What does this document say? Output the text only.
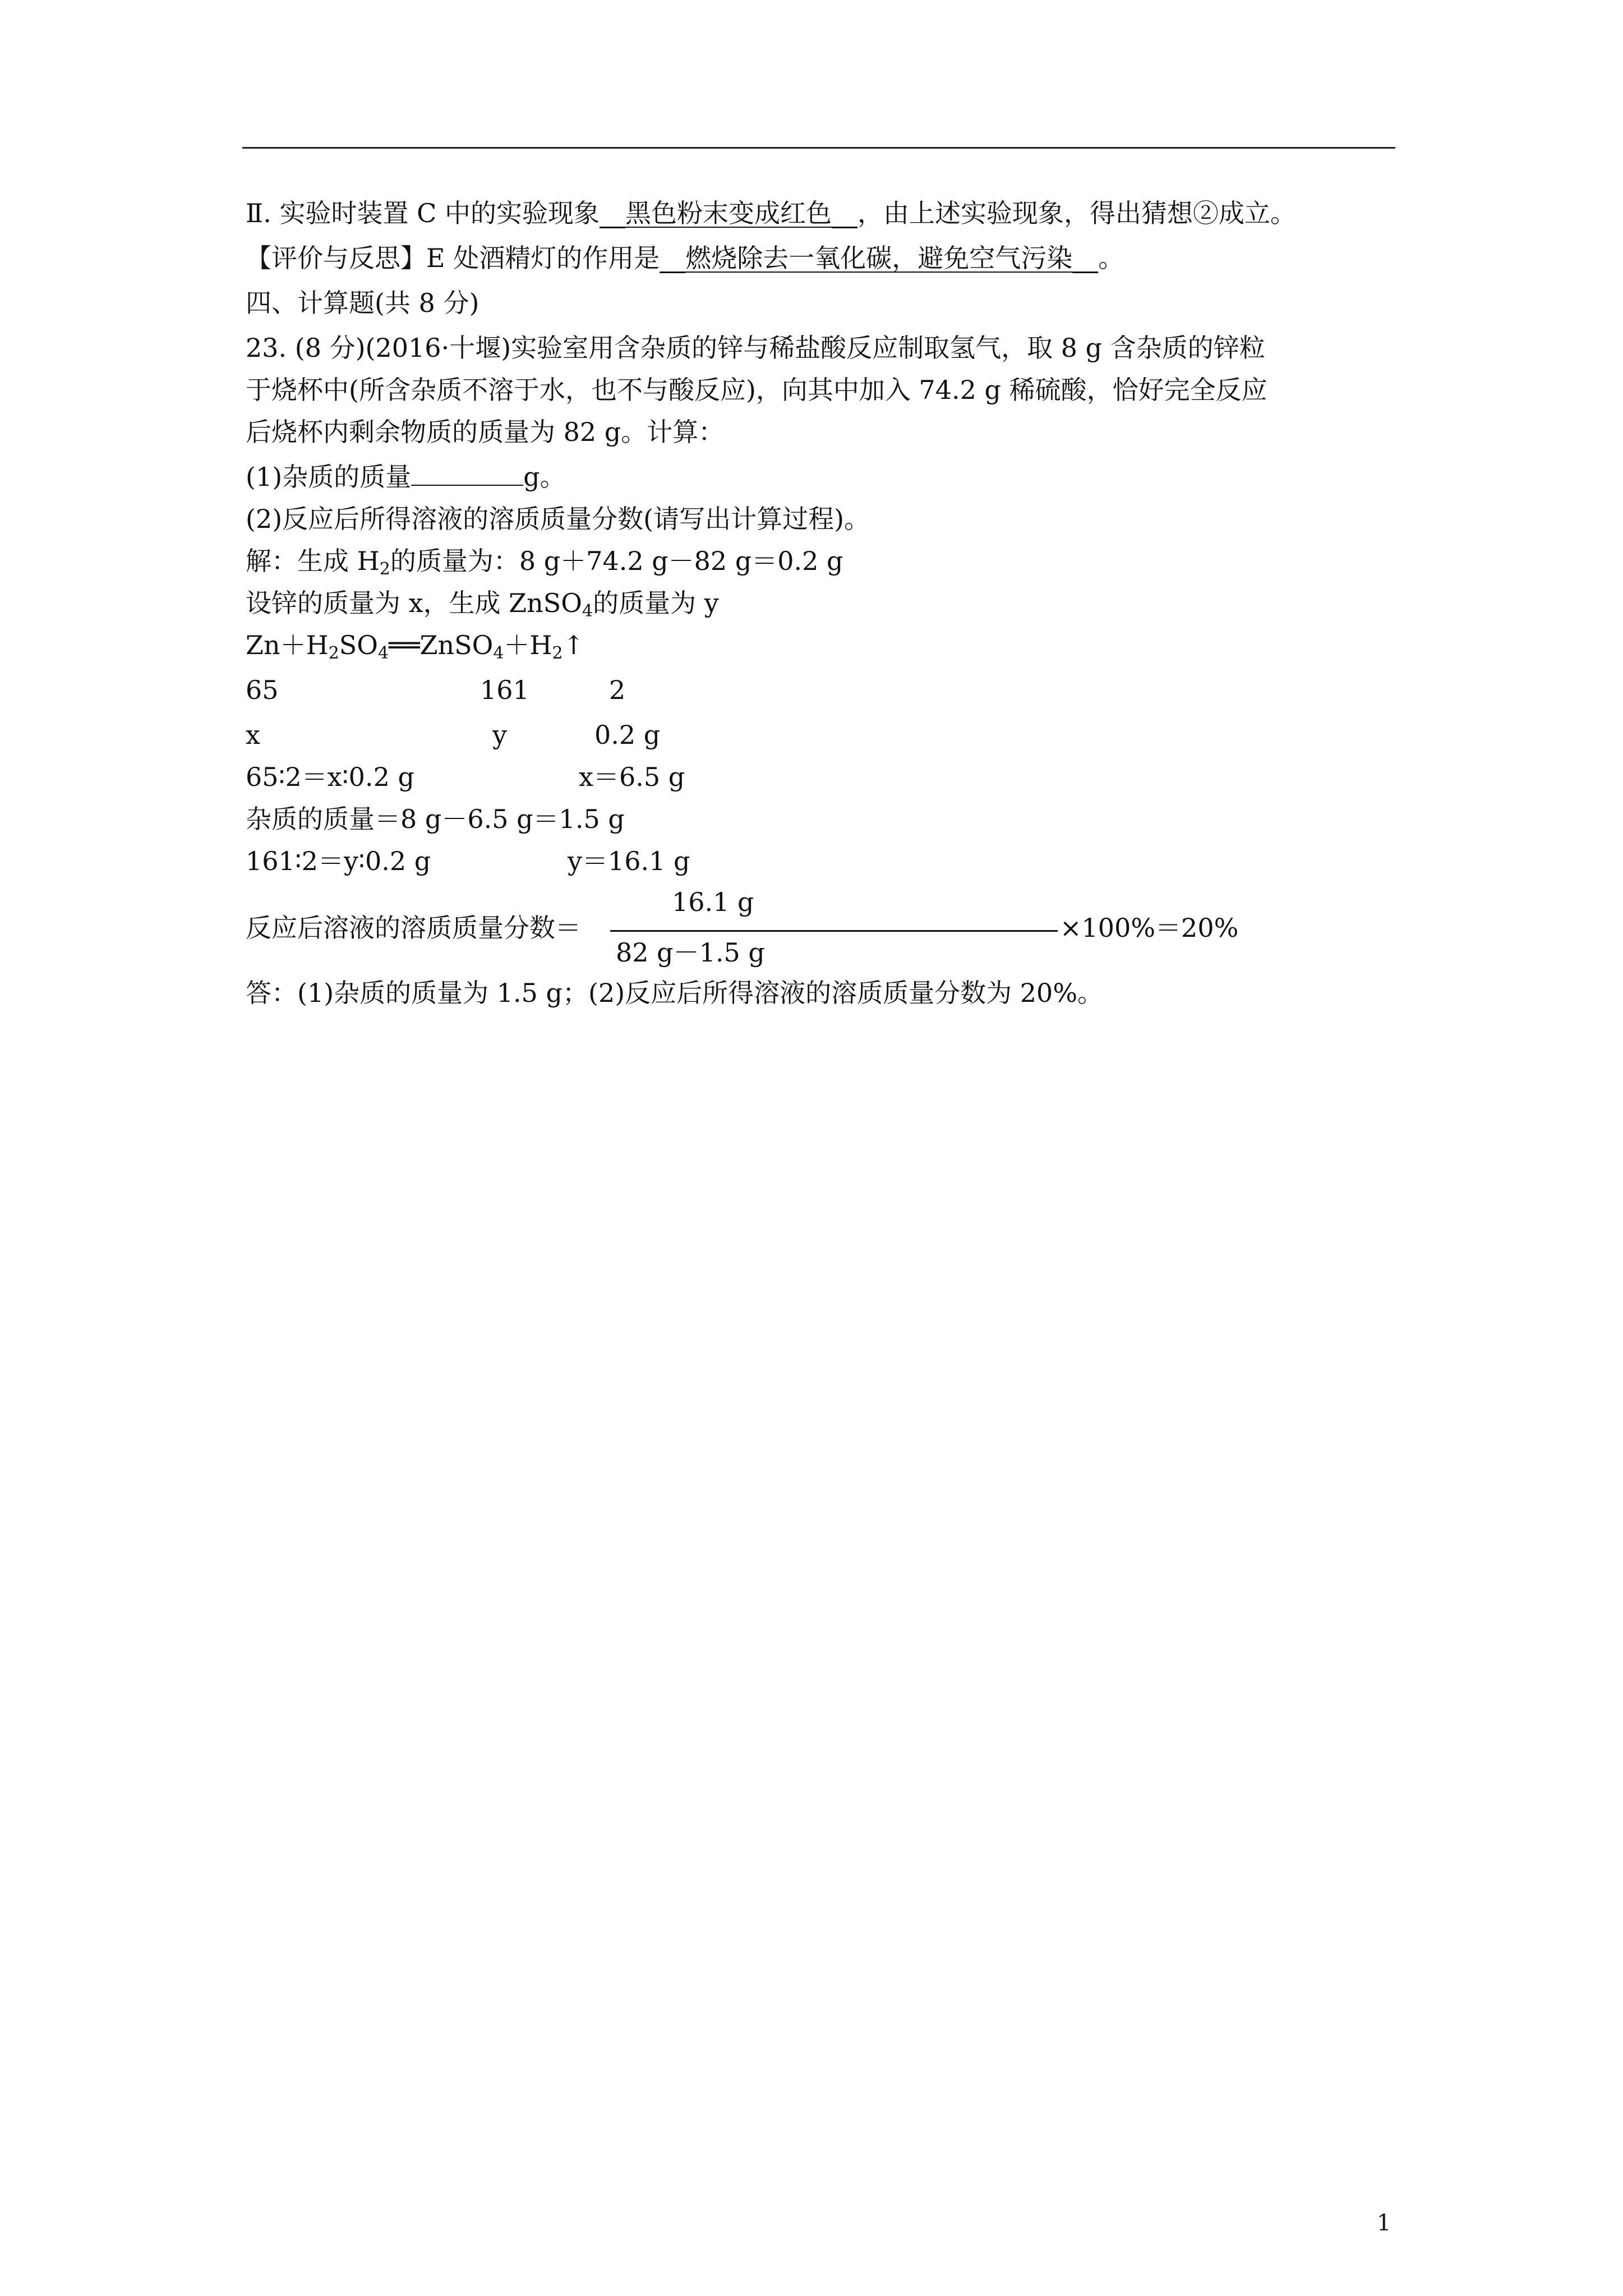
Ⅱ. 实验时装置 C 中的实验现象__黑色粉末变成红色__，由上述实验现象，得出猜想②成立。
【评价与反思】E 处酒精灯的作用是__燃烧除去一氧化碳，避免空气污染__。
四、计算题(共 8 分)
23. (8 分)(2016·十堰)实验室用含杂质的锌与稀盐酸反应制取氢气，取 8 g 含杂质的锌粒
于烧杯中(所含杂质不溶于水，也不与酸反应)，向其中加入 74.2 g 稀硫酸，恰好完全反应
后烧杯内剩余物质的质量为 82 g。计算：
(1)杂质的质量	g。
(2)反应后所得溶液的溶质质量分数(请写出计算过程)。
解：生成 $H_2$的质量为：8 g＋74.2 g－82 g＝0.2 g
设锌的质量为 x，生成 ZnSO$_4$的质量为 y
$Zn+H_2SO_4══ZnSO_4+H_2↑$
65	161	2
x	y	0.2 g
65∶2＝x∶0.2 g	x＝6.5 g
杂质的质量＝8 g－6.5 g＝1.5 g
161∶2＝y∶0.2 g	y＝16.1 g
16.1 g
反应后溶液的溶质质量分数＝
82 g－1.5 g
×100%＝20%
答：(1)杂质的质量为 1.5 g；(2)反应后所得溶液的溶质质量分数为 20%。
1
